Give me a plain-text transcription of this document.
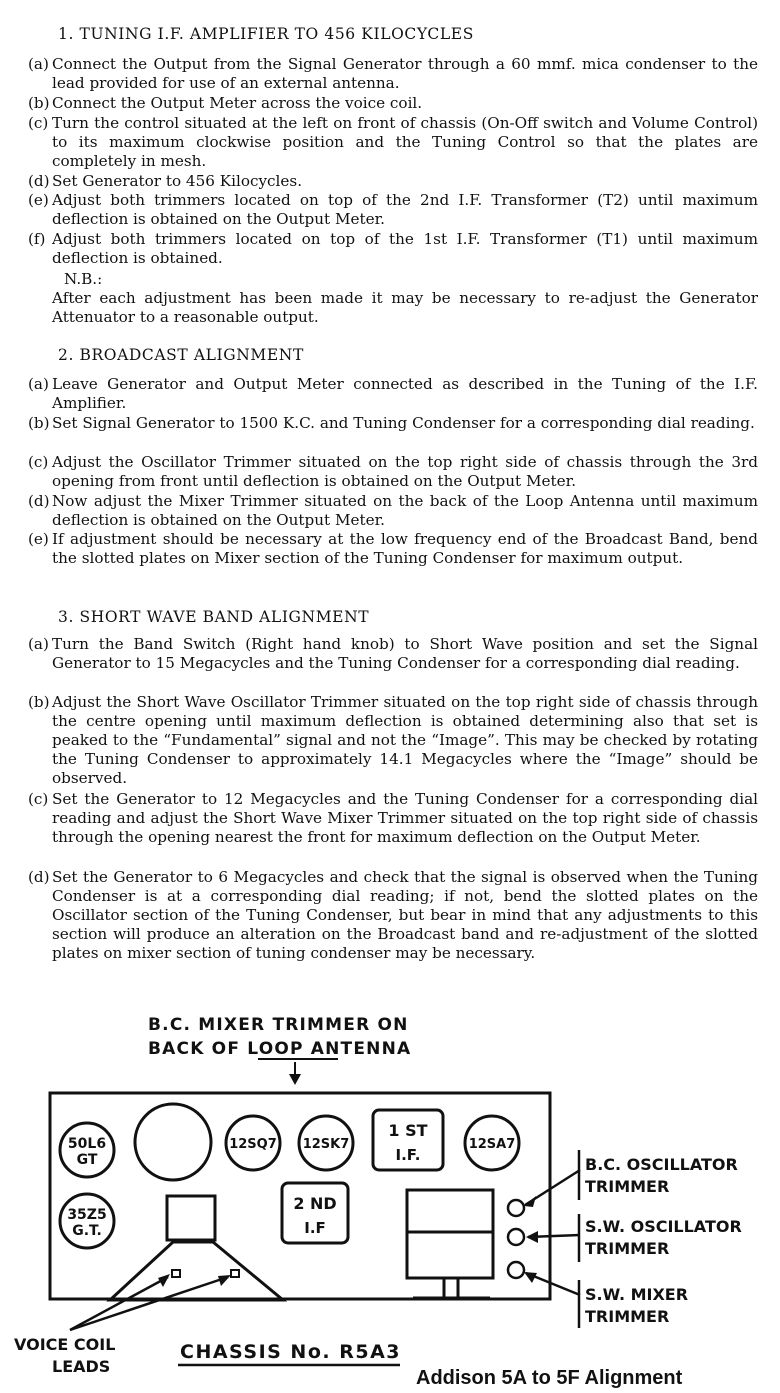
1. TUNING I.F. AMPLIFIER TO 456 KILOCYCLES
(a) Connect the Output from the Signal Generator through a 60 mmf. mica condenser to the lead provided for use of an external antenna.
(b) Connect the Output Meter across the voice coil.
(c) Turn the control situated at the left on front of chassis (On-Off switch and Volume Control) to its maximum clockwise position and the Tuning Control so that the plates are completely in mesh.
(d) Set Generator to 456 Kilocycles.
(e) Adjust both trimmers located on top of the 2nd I.F. Transformer (T2) until maximum deflection is obtained on the Output Meter.
(f) Adjust both trimmers located on top of the 1st I.F. Transformer (T1) until maximum deflection is obtained.
N.B.:
After each adjustment has been made it may be necessary to re-adjust the Generator Attenuator to a reasonable output.
2. BROADCAST ALIGNMENT
(a) Leave Generator and Output Meter connected as described in the Tuning of the I.F. Amplifier.
(b) Set Signal Generator to 1500 K.C. and Tuning Condenser for a corresponding dial reading.
(c) Adjust the Oscillator Trimmer situated on the top right side of chassis through the 3rd opening from front until deflection is obtained on the Output Meter.
(d) Now adjust the Mixer Trimmer situated on the back of the Loop Antenna until maximum deflection is obtained on the Output Meter.
(e) If adjustment should be necessary at the low frequency end of the Broadcast Band, bend the slotted plates on Mixer section of the Tuning Condenser for maximum output.
3. SHORT WAVE BAND ALIGNMENT
(a) Turn the Band Switch (Right hand knob) to Short Wave position and set the Signal Generator to 15 Megacycles and the Tuning Condenser for a corresponding dial reading.
(b) Adjust the Short Wave Oscillator Trimmer situated on the top right side of chassis through the centre opening until maximum deflection is obtained determining also that set is peaked to the “Fundamental” signal and not the “Image”. This may be checked by rotating the Tuning Condenser to approximately 14.1 Megacycles where the “Image” should be observed.
(c) Set the Generator to 12 Megacycles and the Tuning Condenser for a corresponding dial reading and adjust the Short Wave Mixer Trimmer situated on the top right side of chassis through the opening nearest the front for maximum deflection on the Output Meter.
(d) Set the Generator to 6 Megacycles and check that the signal is observed when the Tuning Condenser is at a corresponding dial reading; if not, bend the slotted plates on the Oscillator section of the Tuning Condenser, but bear in mind that any adjustments to this section will produce an alteration on the Broadcast band and re-adjustment of the slotted plates on mixer section of tuning condenser may be necessary.
B.C. MIXER TRIMMER ON
BACK OF LOOP ANTENNA
50L6
GT
12SQ7 12SK7
1 ST
I.F.
12SA7
35Z5
G.T.
2 ND
I.F
B.C. OSCILLATOR
TRIMMER
S.W. OSCILLATOR
TRIMMER
S.W. MIXER
TRIMMER
VOICE COIL
LEADS
CHASSIS No. R5A3
Addison 5A to 5F Alignment
